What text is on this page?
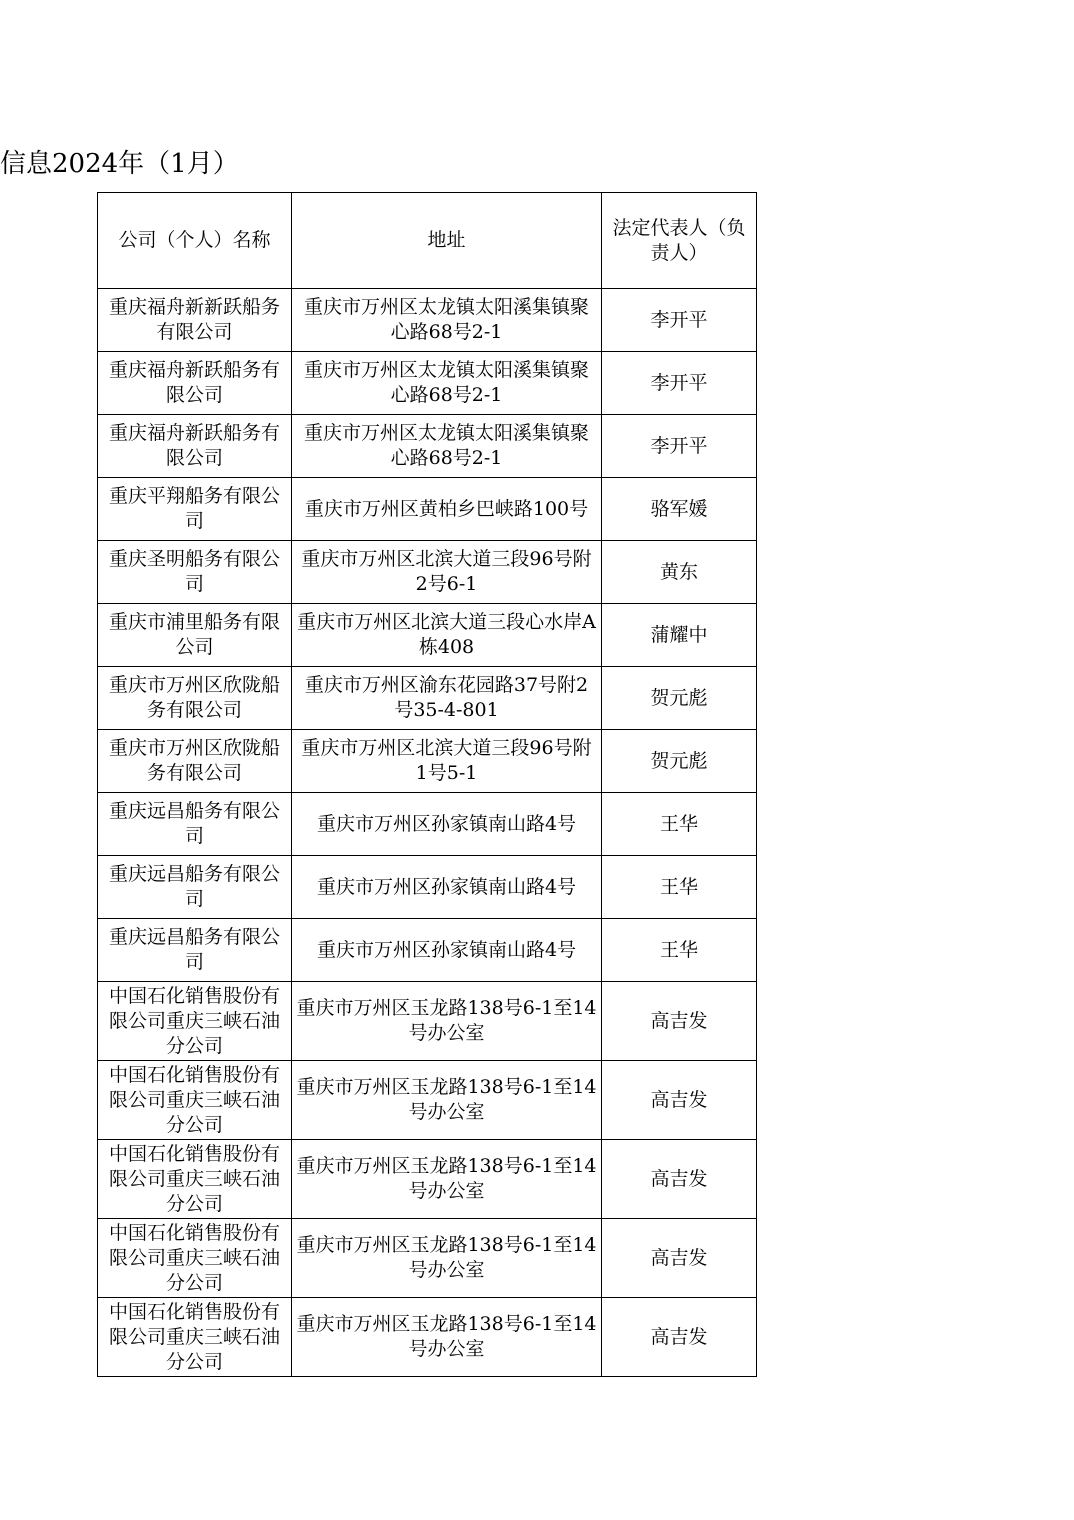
信息2024年（1月）
公司（个人）名称	地址	法定代表人（负责人）
重庆福舟新新跃船务有限公司	重庆市万州区太龙镇太阳溪集镇聚心路68号2-1	李开平
重庆福舟新跃船务有限公司	重庆市万州区太龙镇太阳溪集镇聚心路68号2-1	李开平
重庆福舟新跃船务有限公司	重庆市万州区太龙镇太阳溪集镇聚心路68号2-1	李开平
重庆平翔船务有限公司	重庆市万州区黄柏乡巴峡路100号	骆军媛
重庆圣明船务有限公司	重庆市万州区北滨大道三段96号附2号6-1	黄东
重庆市浦里船务有限公司	重庆市万州区北滨大道三段心水岸A栋408	蒲耀中
重庆市万州区欣陇船务有限公司	重庆市万州区渝东花园路37号附2号35-4-801	贺元彪
重庆市万州区欣陇船务有限公司	重庆市万州区北滨大道三段96号附1号5-1	贺元彪
重庆远昌船务有限公司	重庆市万州区孙家镇南山路4号	王华
重庆远昌船务有限公司	重庆市万州区孙家镇南山路4号	王华
重庆远昌船务有限公司	重庆市万州区孙家镇南山路4号	王华
中国石化销售股份有限公司重庆三峡石油分公司	重庆市万州区玉龙路138号6-1至14号办公室	高吉发
中国石化销售股份有限公司重庆三峡石油分公司	重庆市万州区玉龙路138号6-1至14号办公室	高吉发
中国石化销售股份有限公司重庆三峡石油分公司	重庆市万州区玉龙路138号6-1至14号办公室	高吉发
中国石化销售股份有限公司重庆三峡石油分公司	重庆市万州区玉龙路138号6-1至14号办公室	高吉发
中国石化销售股份有限公司重庆三峡石油分公司	重庆市万州区玉龙路138号6-1至14号办公室	高吉发
